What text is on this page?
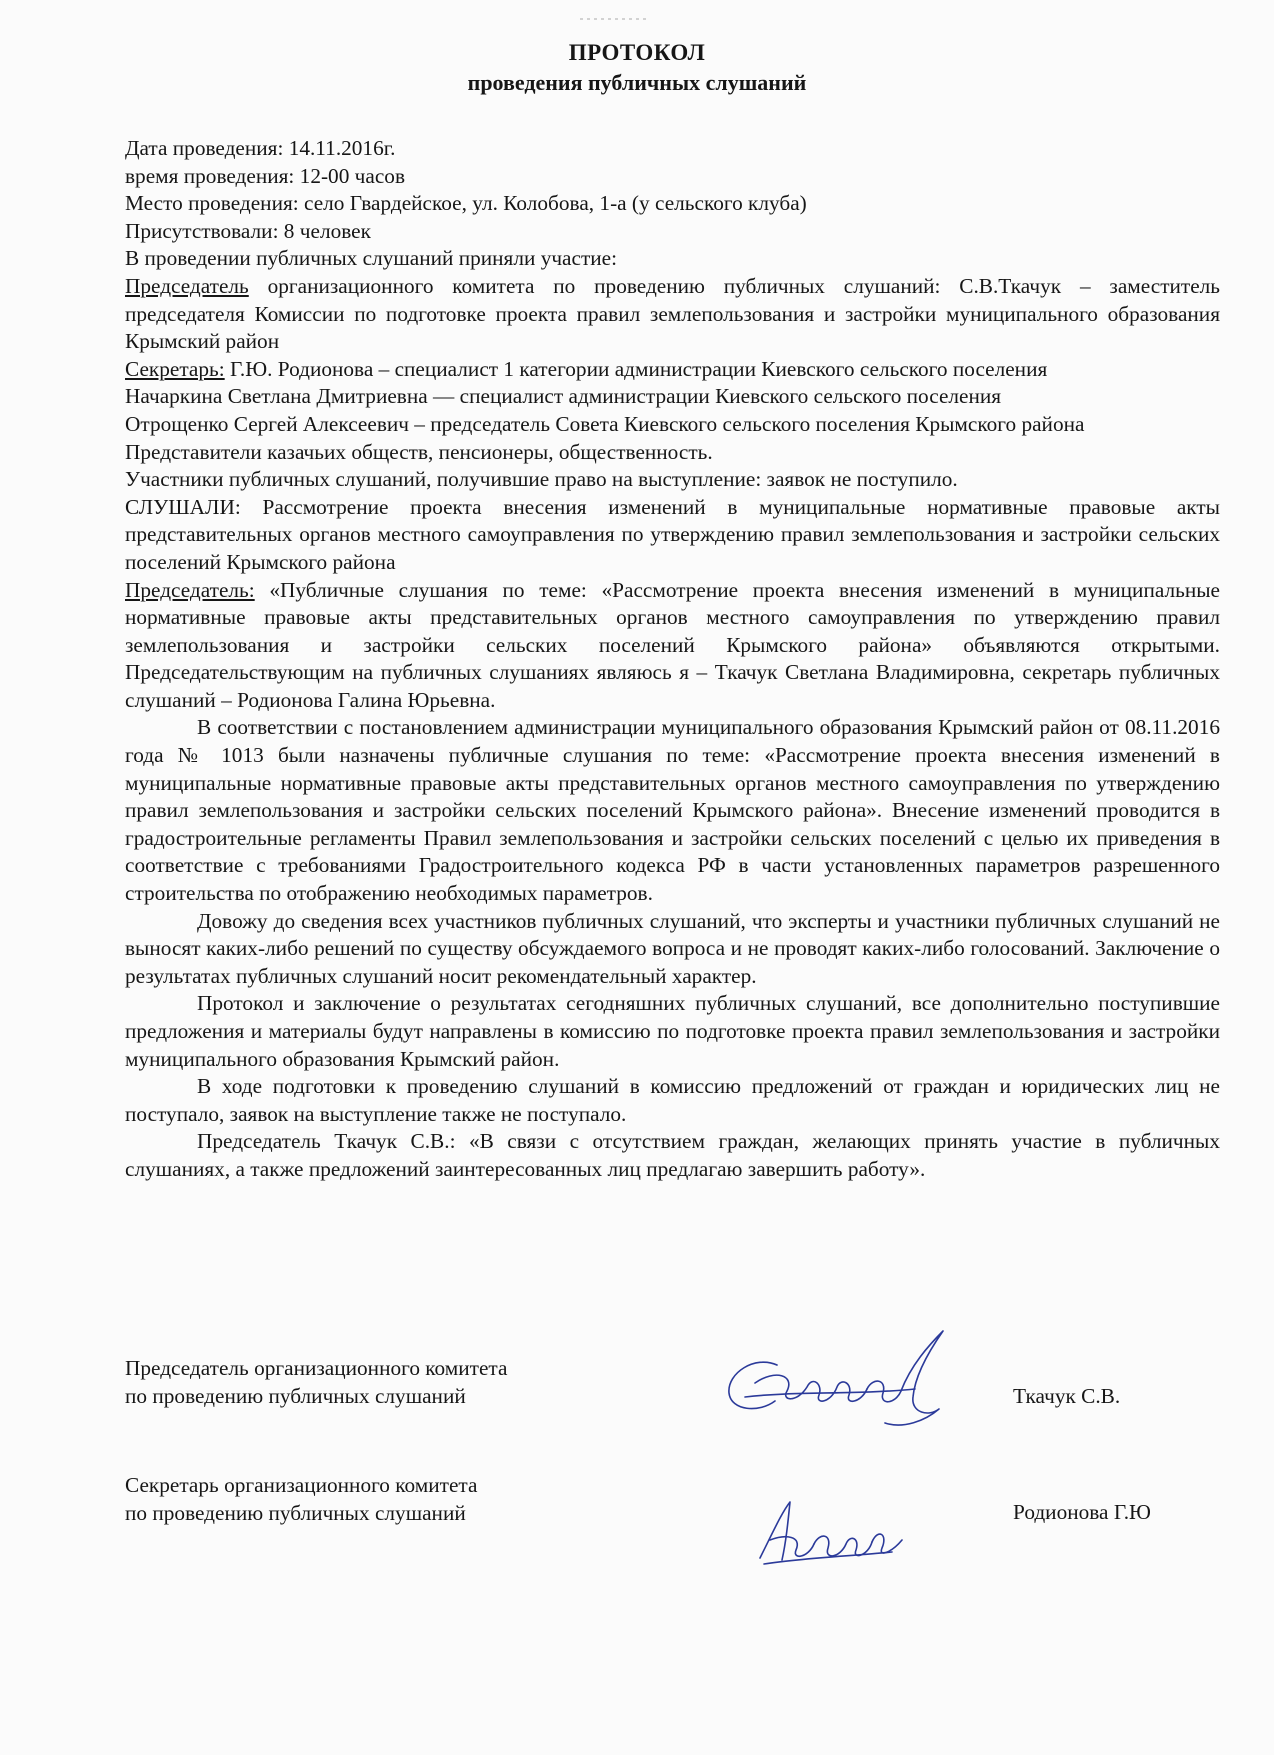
ПРОТОКОЛ
проведения публичных слушаний

Дата проведения: 14.11.2016г.

время проведения: 12-00 часов

Место проведения: село Гвардейское, ул. Колобова, 1-а (у сельского клуба)

Присутствовали: 8 человек

В проведении публичных слушаний приняли участие:

Председатель организационного комитета по проведению публичных слушаний: С.В.Ткачук – заместитель председателя Комиссии по подготовке проекта правил землепользования и застройки муниципального образования Крымский район

Секретарь: Г.Ю. Родионова – специалист 1 категории администрации Киевского сельского поселения

Начаркина Светлана Дмитриевна — специалист администрации Киевского сельского поселения

Отрощенко Сергей Алексеевич – председатель Совета Киевского сельского поселения Крымского района

Представители казачьих обществ, пенсионеры, общественность.

Участники публичных слушаний, получившие право на выступление: заявок не поступило.

СЛУШАЛИ: Рассмотрение проекта внесения изменений в муниципальные нормативные правовые акты представительных органов местного самоуправления по утверждению правил землепользования и застройки сельских поселений Крымского района

Председатель: «Публичные слушания по теме: «Рассмотрение проекта внесения изменений в муниципальные нормативные правовые акты представительных органов местного самоуправления по утверждению правил землепользования и застройки сельских поселений Крымского района» объявляются открытыми. Председательствующим на публичных слушаниях являюсь я – Ткачук Светлана Владимировна, секретарь публичных слушаний – Родионова Галина Юрьевна.

В соответствии с постановлением администрации муниципального образования Крымский район от 08.11.2016 года № 1013 были назначены публичные слушания по теме: «Рассмотрение проекта внесения изменений в муниципальные нормативные правовые акты представительных органов местного самоуправления по утверждению правил землепользования и застройки сельских поселений Крымского района». Внесение изменений проводится в градостроительные регламенты Правил землепользования и застройки сельских поселений с целью их приведения в соответствие с требованиями Градостроительного кодекса РФ в части установленных параметров разрешенного строительства по отображению необходимых параметров.

Довожу до сведения всех участников публичных слушаний, что эксперты и участники публичных слушаний не выносят каких-либо решений по существу обсуждаемого вопроса и не проводят каких-либо голосований. Заключение о результатах публичных слушаний носит рекомендательный характер.

Протокол и заключение о результатах сегодняшних публичных слушаний, все дополнительно поступившие предложения и материалы будут направлены в комиссию по подготовке проекта правил землепользования и застройки муниципального образования Крымский район.

В ходе подготовки к проведению слушаний в комиссию предложений от граждан и юридических лиц не поступало, заявок на выступление также не поступало.

Председатель Ткачук С.В.: «В связи с отсутствием граждан, желающих принять участие в публичных слушаниях, а также предложений заинтересованных лиц предлагаю завершить работу».

Председатель организационного комитета
по проведению публичных слушаний	Ткачук С.В.
Секретарь организационного комитета
по проведению публичных слушаний	Родионова Г.Ю
